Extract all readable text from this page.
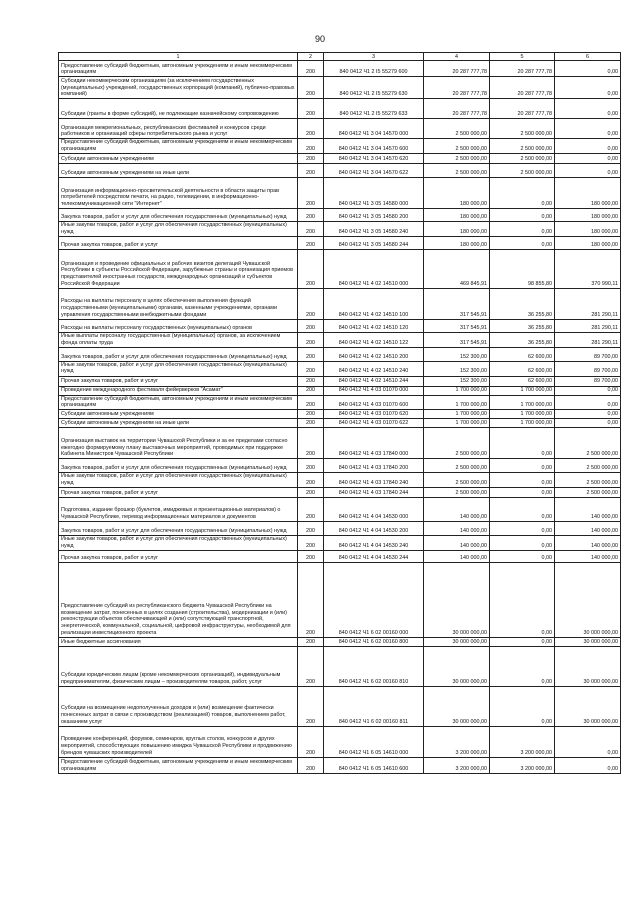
90
1	2	3	4	5	6
Предоставление субсидий бюджетным, автономным учреждениям и иным некоммерческим организациям	200	840 0412 Ч1 2 I5 55279 600	20 287 777,78	20 287 777,78	0,00
Субсидии некоммерческим организациям (за исключением государственных (муниципальных) учреждений, государственных корпораций (компаний), публично-правовых компаний)	200	840 0412 Ч1 2 I5 55279 630	20 287 777,78	20 287 777,78	0,00
Субсидии (гранты в форме субсидий), не подлежащие казначейскому сопровождению	200	840 0412 Ч1 2 I5 55279 633	20 287 777,78	20 287 777,78	0,00
Организация межрегиональных, республиканских фестивалей и конкурсов среди работников и организаций сферы потребительского рынка и услуг	200	840 0412 Ч1 3 04 14570 000	2 500 000,00	2 500 000,00	0,00
Предоставление субсидий бюджетным, автономным учреждениям и иным некоммерческим организациям	200	840 0412 Ч1 3 04 14570 600	2 500 000,00	2 500 000,00	0,00
Субсидии автономным учреждениям	200	840 0412 Ч1 3 04 14570 620	2 500 000,00	2 500 000,00	0,00
Субсидии автономным учреждениям на иные цели	200	840 0412 Ч1 3 04 14570 622	2 500 000,00	2 500 000,00	0,00
Организация информационно-просветительской деятельности в области защиты прав потребителей посредством печати, на радио, телевидении, в информационно-телекоммуникационной сети "Интернет"	200	840 0412 Ч1 3 05 14580 000	180 000,00	0,00	180 000,00
Закупка товаров, работ и услуг для обеспечения государственных (муниципальных) нужд	200	840 0412 Ч1 3 05 14580 200	180 000,00	0,00	180 000,00
Иные закупки товаров, работ и услуг для обеспечения государственных (муниципальных) нужд	200	840 0412 Ч1 3 05 14580 240	180 000,00	0,00	180 000,00
Прочая закупка товаров, работ и услуг	200	840 0412 Ч1 3 05 14580 244	180 000,00	0,00	180 000,00
Организация и проведение официальных и рабочих визитов делегаций Чувашской Республики в субъекты Российской Федерации, зарубежные страны и организация приемов представителей иностранных государств, международных организаций и субъектов Российской Федерации	200	840 0412 Ч1 4 02 14510 000	469 845,91	98 855,80	370 990,11
Расходы на выплаты персоналу в целях обеспечения выполнения функций государственными (муниципальными) органами, казенными учреждениями, органами управления государственными внебюджетными фондами	200	840 0412 Ч1 4 02 14510 100	317 545,91	36 255,80	281 290,11
Расходы на выплаты персоналу государственных (муниципальных) органов	200	840 0412 Ч1 4 02 14510 120	317 545,91	36 255,80	281 290,11
Иные выплаты персоналу государственных (муниципальных) органов, за исключением фонда оплаты труда	200	840 0412 Ч1 4 02 14510 122	317 545,91	36 255,80	281 290,11
Закупка товаров, работ и услуг для обеспечения государственных (муниципальных) нужд	200	840 0412 Ч1 4 02 14510 200	152 300,00	62 600,00	89 700,00
Иные закупки товаров, работ и услуг для обеспечения государственных (муниципальных) нужд	200	840 0412 Ч1 4 02 14510 240	152 300,00	62 600,00	89 700,00
Прочая закупка товаров, работ и услуг	200	840 0412 Ч1 4 02 14510 244	152 300,00	62 600,00	89 700,00
Проведение международного фестиваля фейерверков "Асамат"	200	840 0412 Ч1 4 03 01070 000	1 700 000,00	1 700 000,00	0,00
Предоставление субсидий бюджетным, автономным учреждениям и иным некоммерческим организациям	200	840 0412 Ч1 4 03 01070 600	1 700 000,00	1 700 000,00	0,00
Субсидии автономным учреждениям	200	840 0412 Ч1 4 03 01070 620	1 700 000,00	1 700 000,00	0,00
Субсидии автономным учреждениям на иные цели	200	840 0412 Ч1 4 03 01070 622	1 700 000,00	1 700 000,00	0,00
Организация выставок на территории Чувашской Республики и за ее пределами согласно ежегодно формируемому плану выставочных мероприятий, проводимых при поддержке Кабинета Министров Чувашской Республики	200	840 0412 Ч1 4 03 17840 000	2 500 000,00	0,00	2 500 000,00
Закупка товаров, работ и услуг для обеспечения государственных (муниципальных) нужд	200	840 0412 Ч1 4 03 17840 200	2 500 000,00	0,00	2 500 000,00
Иные закупки товаров, работ и услуг для обеспечения государственных (муниципальных) нужд	200	840 0412 Ч1 4 03 17840 240	2 500 000,00	0,00	2 500 000,00
Прочая закупка товаров, работ и услуг	200	840 0412 Ч1 4 03 17840 244	2 500 000,00	0,00	2 500 000,00
Подготовка, издание брошюр (буклетов, имиджевых и презентационных материалов) о Чувашской Республике, перевод информационных материалов и документов	200	840 0412 Ч1 4 04 14530 000	140 000,00	0,00	140 000,00
Закупка товаров, работ и услуг для обеспечения государственных (муниципальных) нужд	200	840 0412 Ч1 4 04 14530 200	140 000,00	0,00	140 000,00
Иные закупки товаров, работ и услуг для обеспечения государственных (муниципальных) нужд	200	840 0412 Ч1 4 04 14530 240	140 000,00	0,00	140 000,00
Прочая закупка товаров, работ и услуг	200	840 0412 Ч1 4 04 14530 244	140 000,00	0,00	140 000,00
Предоставление субсидий из республиканского бюджета Чувашской Республики на возмещение затрат, понесенных в целях создания (строительства), модернизации и (или) реконструкции объектов обеспечивающей и (или) сопутствующей транспортной, энергетической, коммунальной, социальной, цифровой инфраструктуры, необходимой для реализации инвестиционного проекта	200	840 0412 Ч1 6 02 00160 000	30 000 000,00	0,00	30 000 000,00
Иные бюджетные ассигнования	200	840 0412 Ч1 6 02 00160 800	30 000 000,00	0,00	30 000 000,00
Субсидии юридическим лицам (кроме некоммерческих организаций), индивидуальным предпринимателям, физическим лицам – производителям товаров, работ, услуг	200	840 0412 Ч1 6 02 00160 810	30 000 000,00	0,00	30 000 000,00
Субсидии на возмещение недополученных доходов и (или) возмещение фактически понесенных затрат в связи с производством (реализацией) товаров, выполнением работ, оказанием услуг	200	840 0412 Ч1 6 02 00160 811	30 000 000,00	0,00	30 000 000,00
Проведение конференций, форумов, семинаров, круглых столов, конкурсов и других мероприятий, способствующих повышению имиджа Чувашской Республики и продвижению брендов чувашских производителей	200	840 0412 Ч1 6 05 14610 000	3 200 000,00	3 200 000,00	0,00
Предоставление субсидий бюджетным, автономным учреждениям и иным некоммерческим организациям	200	840 0412 Ч1 6 05 14610 600	3 200 000,00	3 200 000,00	0,00
